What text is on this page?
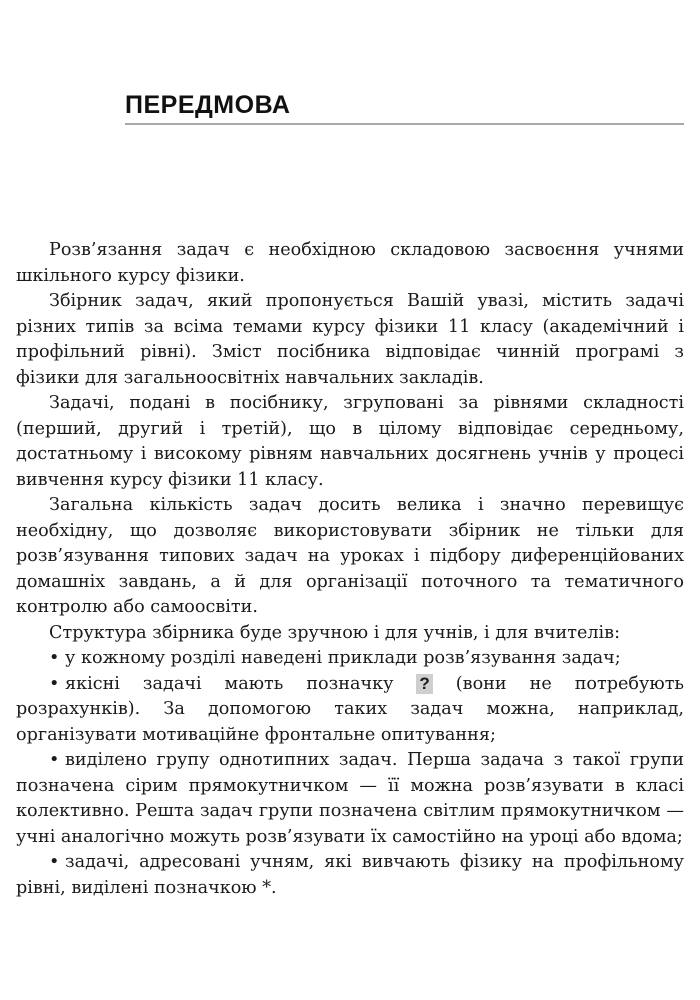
ПЕРЕДМОВА

Розв’язання задач є необхідною складовою засвоєння учнями шкільного курсу фізики.

Збірник задач, який пропонується Вашій увазі, містить задачі різних типів за всіма темами курсу фізики 11 класу (академічний і профільний рівні). Зміст посібника відповідає чинній програмі з фізики для загальноосвітніх навчальних закладів.

Задачі, подані в посібнику, згруповані за рівнями складності (перший, другий і третій), що в цілому відповідає середньому, достатньому і високому рівням навчальних досягнень учнів у процесі вивчення курсу фізики 11 класу.

Загальна кількість задач досить велика і значно перевищує необхідну, що дозволяє використовувати збірник не тільки для розв’язування типових задач на уроках і підбору диференційованих домашніх завдань, а й для організації поточного та тематичного контролю або самоосвіти.

Структура збірника буде зручною і для учнів, і для вчителів:

• у кожному розділі наведені приклади розв’язування задач;

• якісні задачі мають позначку ? (вони не потребують розрахунків). За допомогою таких задач можна, наприклад, організувати мотиваційне фронтальне опитування;

• виділено групу однотипних задач. Перша задача з такої групи позначена сірим прямокутничком — її можна розв’язувати в класі колективно. Решта задач групи позначена світлим прямокутничком — учні аналогічно можуть розв’язувати їх самостійно на уроці або вдома;

• задачі, адресовані учням, які вивчають фізику на профільному рівні, виділені позначкою *.
